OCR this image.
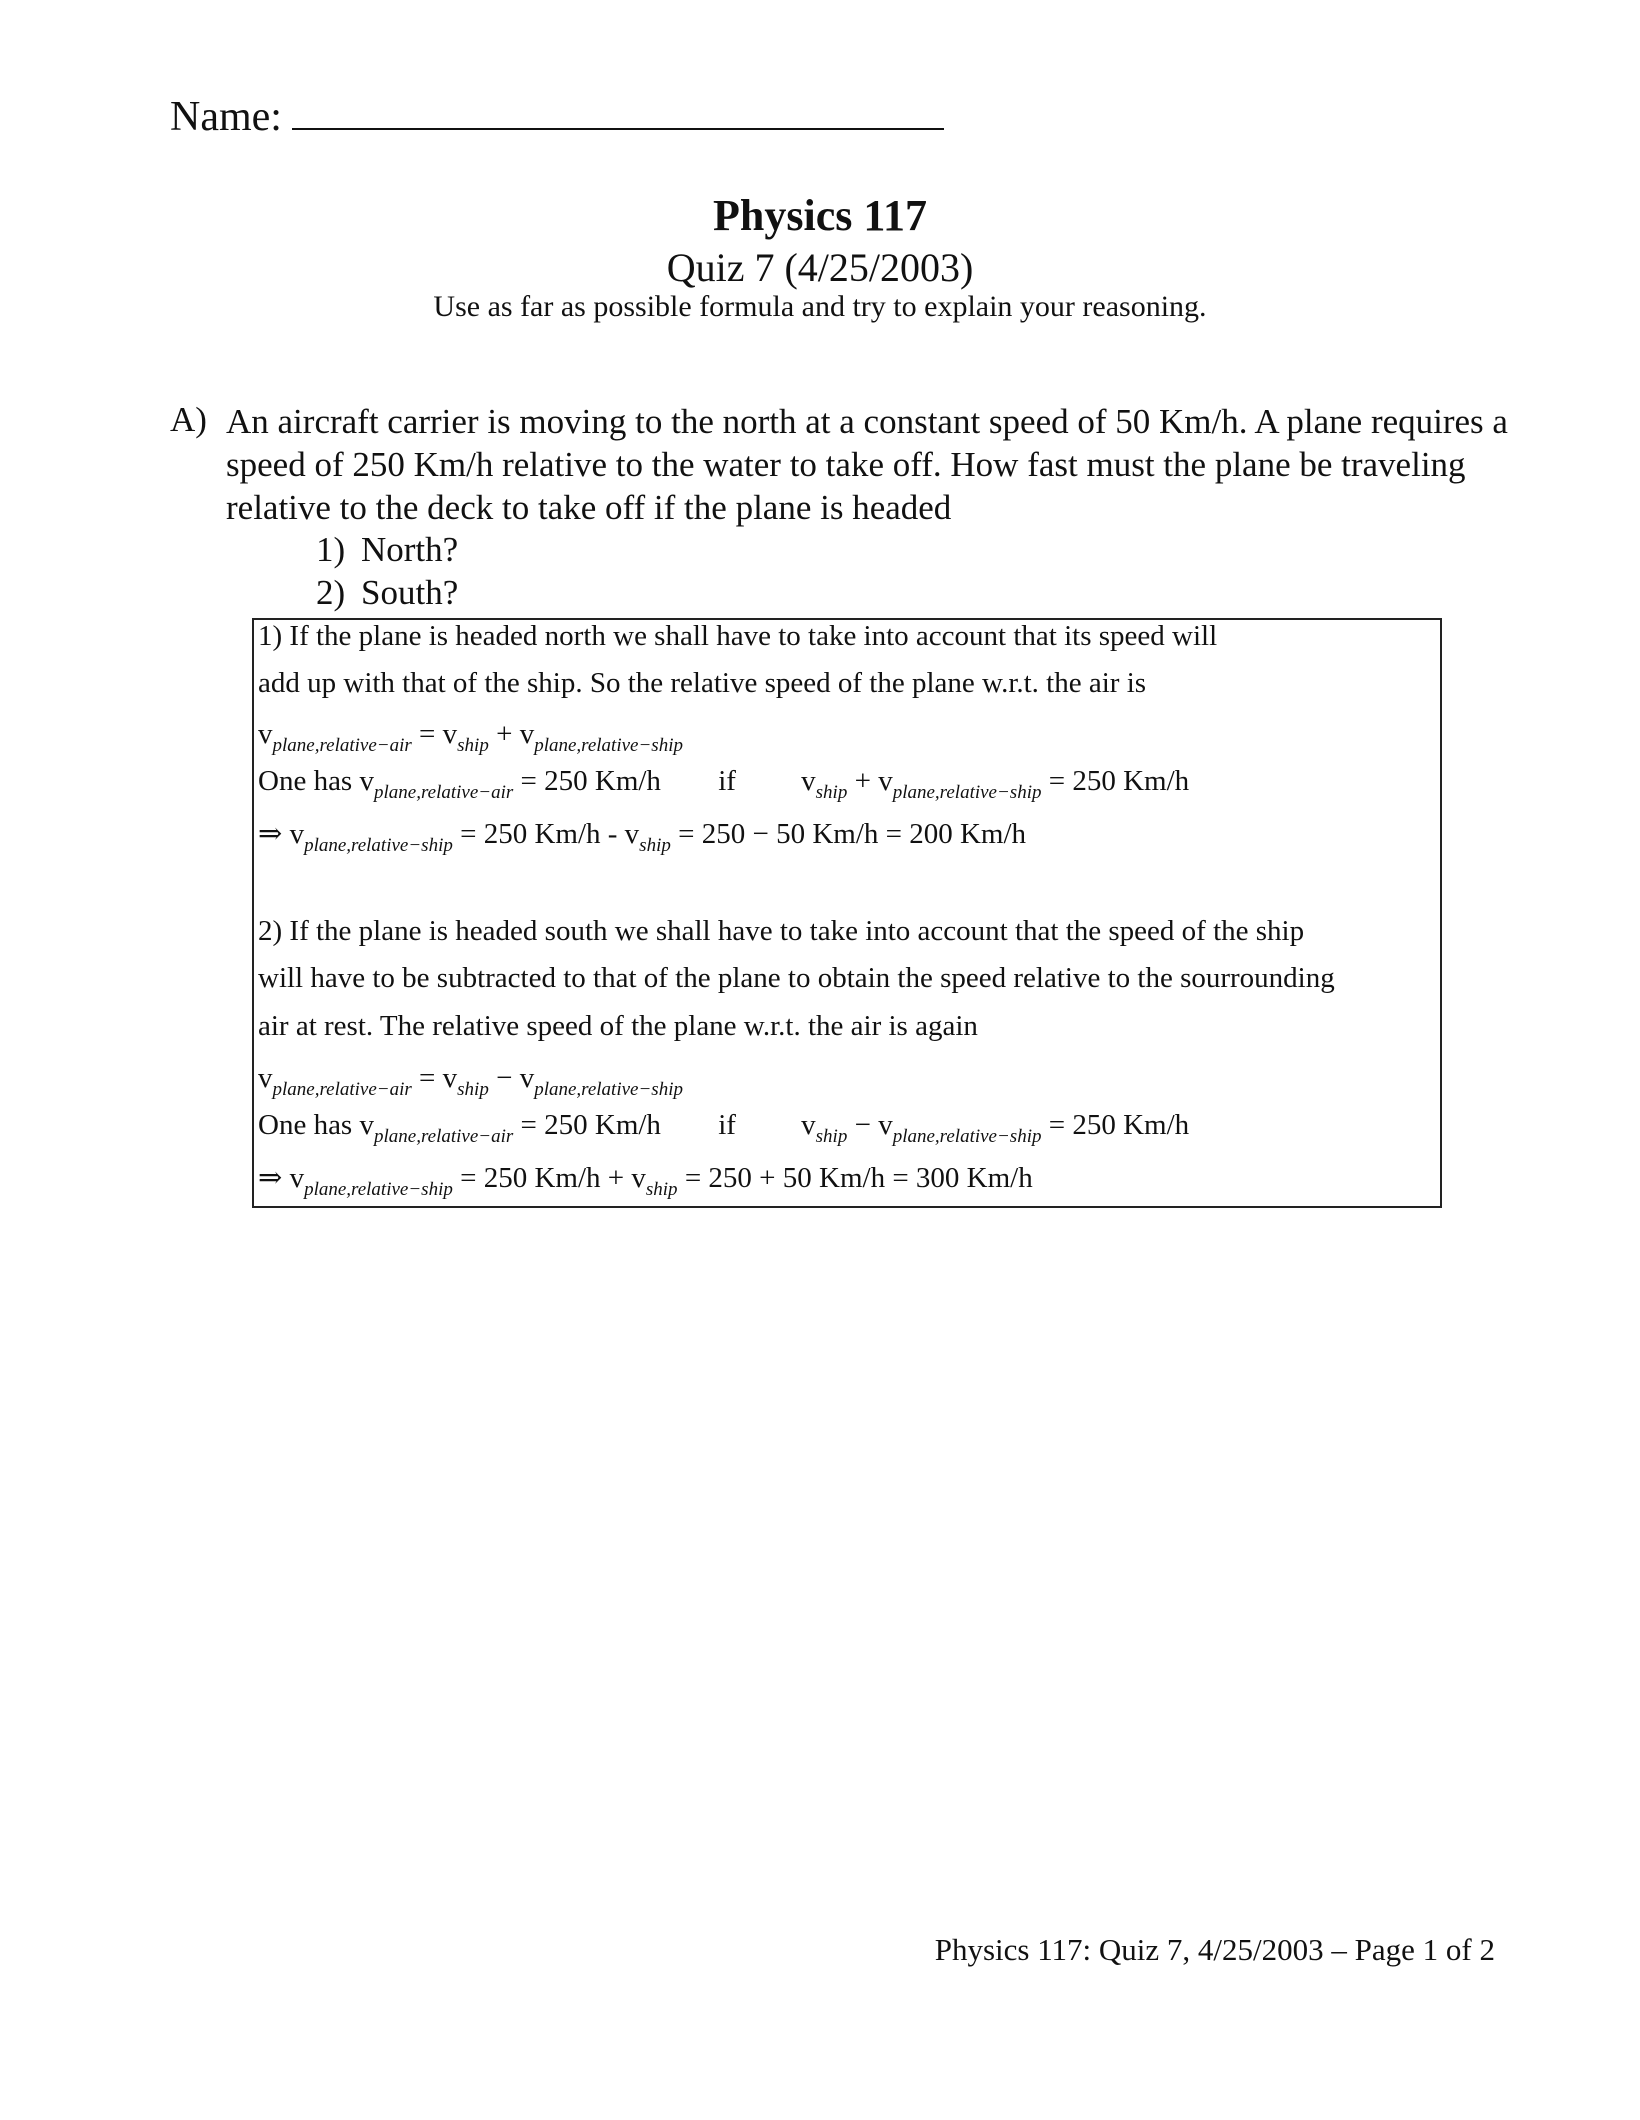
Name:
Physics 117
Quiz 7 (4/25/2003)
Use as far as possible formula and try to explain your reasoning.
A) An aircraft carrier is moving to the north at a constant speed of 50 Km/h. A plane requires a speed of 250 Km/h relative to the water to take off. How fast must the plane be traveling relative to the deck to take off if the plane is headed
1) North?
2) South?
1) If the plane is headed north we shall have to take into account that its speed will
add up with that of the ship. So the relative speed of the plane w.r.t. the air is
$v_{plane,relative-air} = v_{ship} + v_{plane,relative-ship}$
One has $v_{plane,relative-air} = 250$ Km/h if $v_{ship} + v_{plane,relative-ship} = 250$ Km/h
⇒ $v_{plane,relative-ship} = 250$ $Km/h - v_{ship} = 250 - 50$ Km/h = 200 Km/h
2) If the plane is headed south we shall have to take into account that the speed of the ship
will have to be subtracted to that of the plane to obtain the speed relative to the sourrounding
air at rest. The relative speed of the plane w.r.t. the air is again
$v_{plane,relative-air} = v_{ship} - v_{plane,relative-ship}$
One has $v_{plane,relative-air} = 250$ Km/h if $v_{ship} - v_{plane,relative-ship} = 250$ Km/h
⇒ $v_{plane,relative-ship} = 250$ $Km/h + v_{ship} = 250 + 50$ Km/h = 300 Km/h
Physics 117: Quiz 7, 4/25/2003 – Page 1 of 2
